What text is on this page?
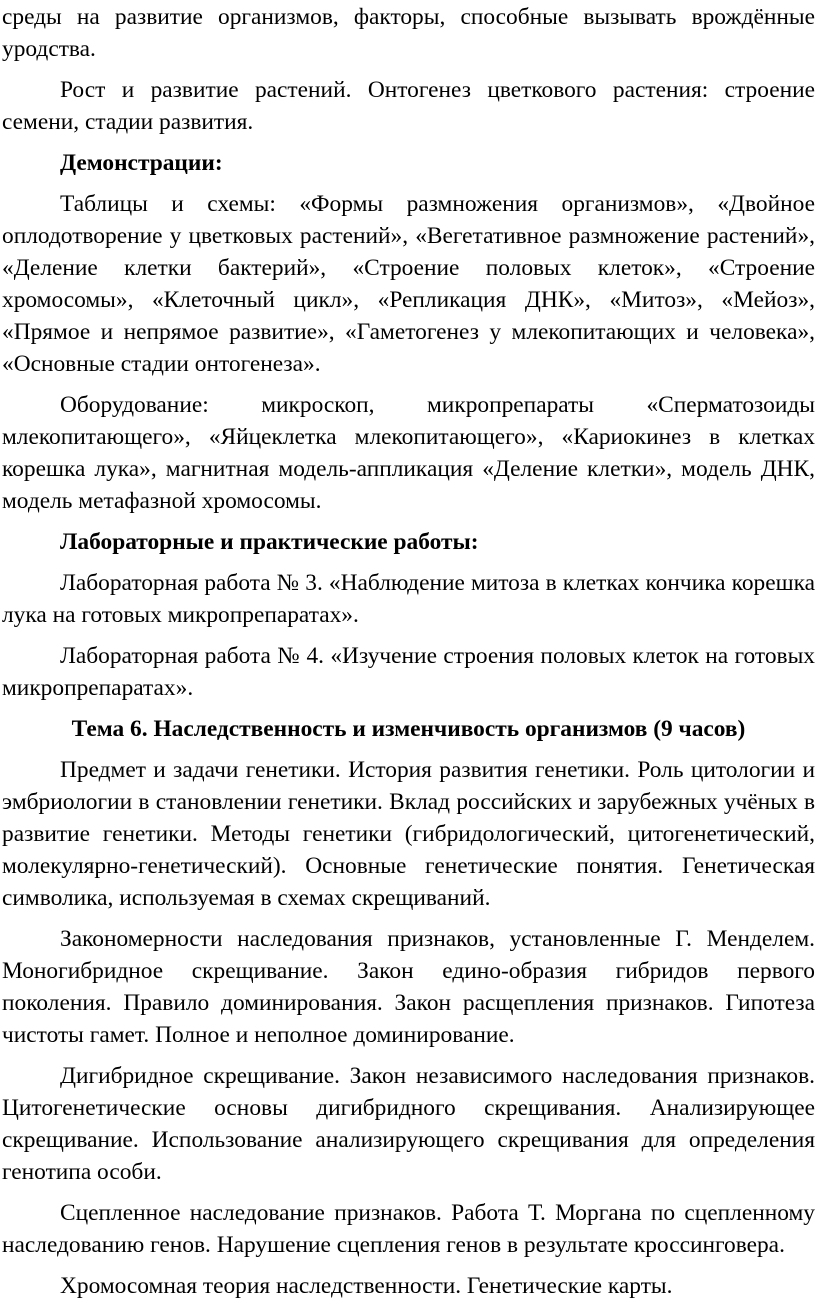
среды на развитие организмов, факторы, способные вызывать врождённые уродства.

Рост и развитие растений. Онтогенез цветкового растения: строение семени, стадии развития.

Демонстрации:

Таблицы и схемы: «Формы размножения организмов», «Двойное оплодотворение у цветковых растений», «Вегетативное размножение растений», «Деление клетки бактерий», «Строение половых клеток», «Строение хромосомы», «Клеточный цикл», «Репликация ДНК», «Митоз», «Мейоз», «Прямое и непрямое развитие», «Гаметогенез у млекопитающих и человека», «Основные стадии онтогенеза».

Оборудование: микроскоп, микропрепараты «Сперматозоиды млекопитающего», «Яйцеклетка млекопитающего», «Кариокинез в клетках корешка лука», магнитная модель-аппликация «Деление клетки», модель ДНК, модель метафазной хромосомы.

Лабораторные и практические работы:

Лабораторная работа № 3. «Наблюдение митоза в клетках кончика корешка лука на готовых микропрепаратах».

Лабораторная работа № 4. «Изучение строения половых клеток на готовых микропрепаратах».

Тема 6. Наследственность и изменчивость организмов (9 часов)

Предмет и задачи генетики. История развития генетики. Роль цитологии и эмбриологии в становлении генетики. Вклад российских и зарубежных учёных в развитие генетики. Методы генетики (гибридологический, цитогенетический, молекулярно-генетический). Основные генетические понятия. Генетическая символика, используемая в схемах скрещиваний.

Закономерности наследования признаков, установленные Г. Менделем. Моногибридное скрещивание. Закон едино-образия гибридов первого поколения. Правило доминирования. Закон расщепления признаков. Гипотеза чистоты гамет. Полное и неполное доминирование.

Дигибридное скрещивание. Закон независимого наследования признаков. Цитогенетические основы дигибридного скрещивания. Анализирующее скрещивание. Использование анализирующего скрещивания для определения генотипа особи.

Сцепленное наследование признаков. Работа Т. Моргана по сцепленному наследованию генов. Нарушение сцепления генов в результате кроссинговера.

Хромосомная теория наследственности. Генетические карты.
